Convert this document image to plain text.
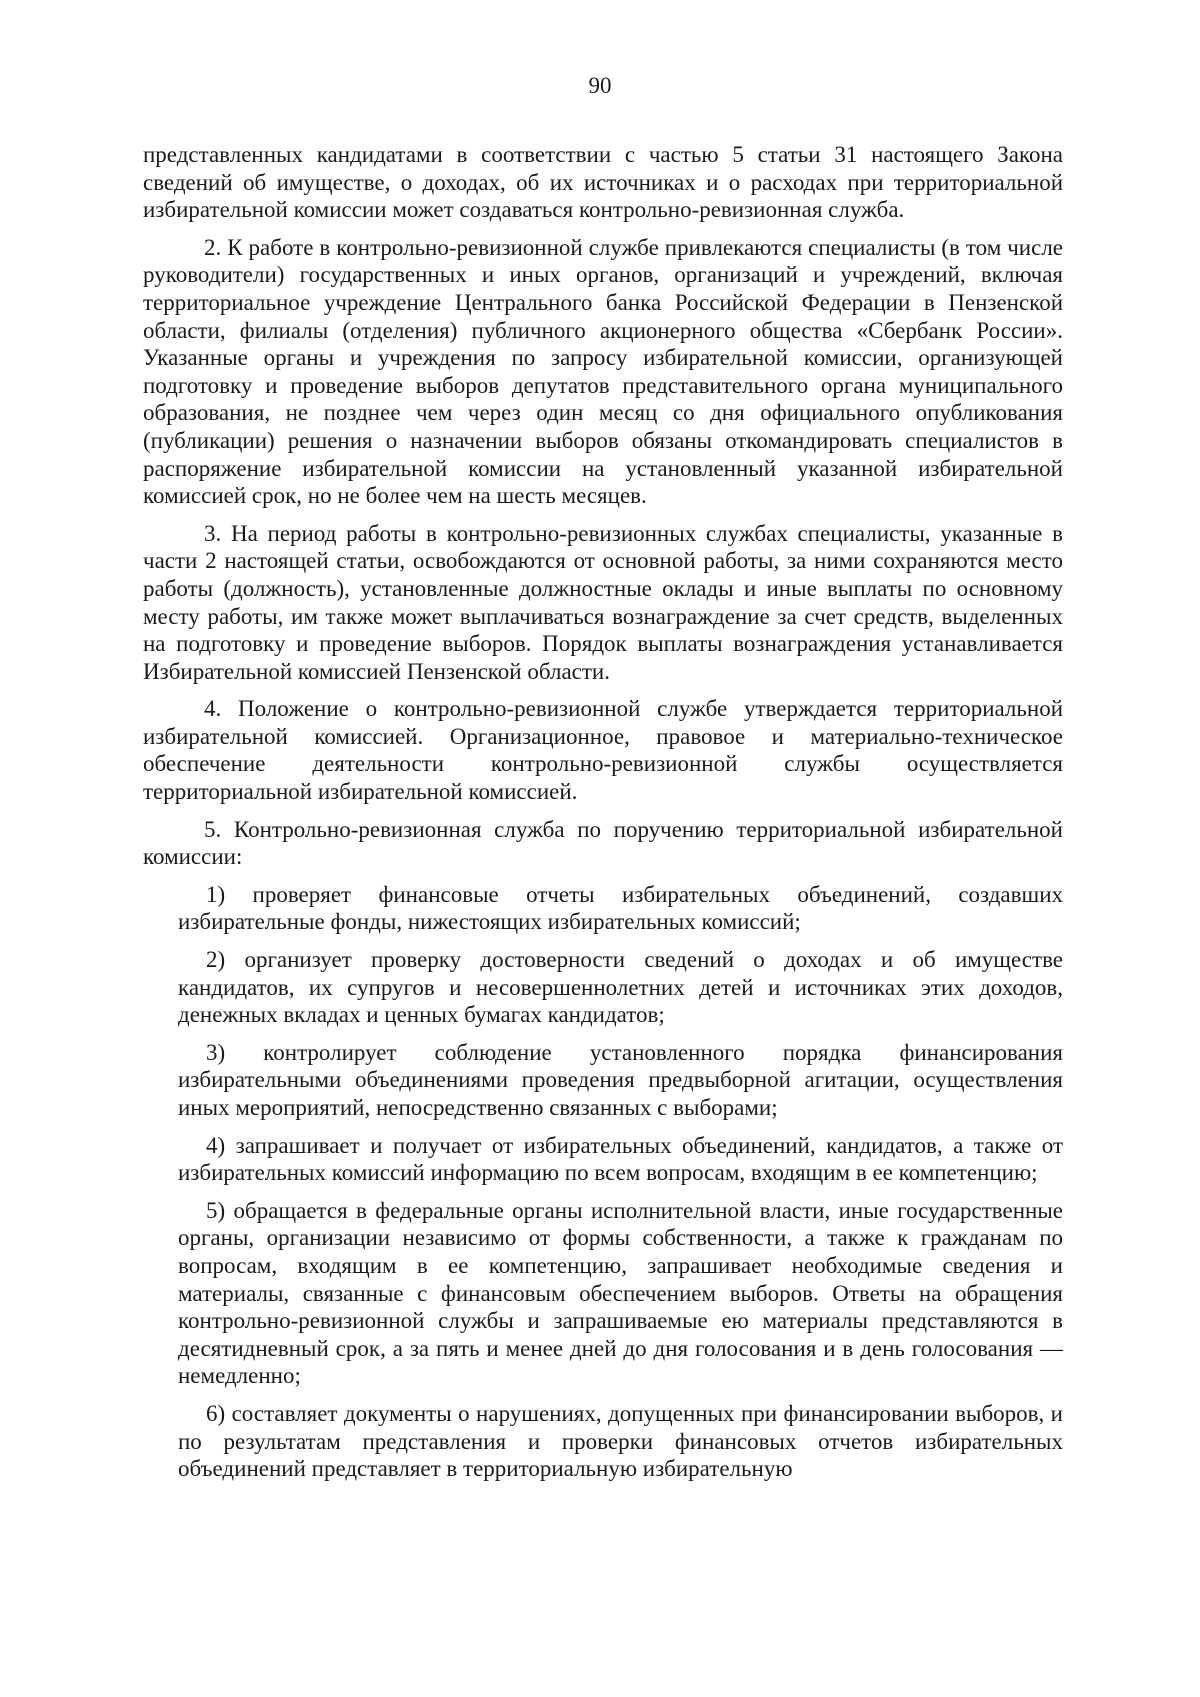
90

представленных кандидатами в соответствии с частью 5 статьи 31 настоящего Закона сведений об имуществе, о доходах, об их источниках и о расходах при территориальной избирательной комиссии может создаваться контрольно-ревизионная служба.

2. К работе в контрольно-ревизионной службе привлекаются специалисты (в том числе руководители) государственных и иных органов, организаций и учреждений, включая территориальное учреждение Центрального банка Российской Федерации в Пензенской области, филиалы (отделения) публичного акционерного общества «Сбербанк России». Указанные органы и учреждения по запросу избирательной комиссии, организующей подготовку и проведение выборов депутатов представительного органа муниципального образования, не позднее чем через один месяц со дня официального опубликования (публикации) решения о назначении выборов обязаны откомандировать специалистов в распоряжение избирательной комиссии на установленный указанной избирательной комиссией срок, но не более чем на шесть месяцев.

3. На период работы в контрольно-ревизионных службах специалисты, указанные в части 2 настоящей статьи, освобождаются от основной работы, за ними сохраняются место работы (должность), установленные должностные оклады и иные выплаты по основному месту работы, им также может выплачиваться вознаграждение за счет средств, выделенных на подготовку и проведение выборов. Порядок выплаты вознаграждения устанавливается Избирательной комиссией Пензенской области.

4. Положение о контрольно-ревизионной службе утверждается территориальной избирательной комиссией. Организационное, правовое и материально-техническое обеспечение деятельности контрольно-ревизионной службы осуществляется территориальной избирательной комиссией.

5. Контрольно-ревизионная служба по поручению территориальной избирательной комиссии:

1) проверяет финансовые отчеты избирательных объединений, создавших избирательные фонды, нижестоящих избирательных комиссий;

2) организует проверку достоверности сведений о доходах и об имуществе кандидатов, их супругов и несовершеннолетних детей и источниках этих доходов, денежных вкладах и ценных бумагах кандидатов;

3) контролирует соблюдение установленного порядка финансирования избирательными объединениями проведения предвыборной агитации, осуществления иных мероприятий, непосредственно связанных с выборами;

4) запрашивает и получает от избирательных объединений, кандидатов, а также от избирательных комиссий информацию по всем вопросам, входящим в ее компетенцию;

5) обращается в федеральные органы исполнительной власти, иные государственные органы, организации независимо от формы собственности, а также к гражданам по вопросам, входящим в ее компетенцию, запрашивает необходимые сведения и материалы, связанные с финансовым обеспечением выборов. Ответы на обращения контрольно-ревизионной службы и запрашиваемые ею материалы представляются в десятидневный срок, а за пять и менее дней до дня голосования и в день голосования — немедленно;

6) составляет документы о нарушениях, допущенных при финансировании выборов, и по результатам представления и проверки финансовых отчетов избирательных объединений представляет в территориальную избирательную
